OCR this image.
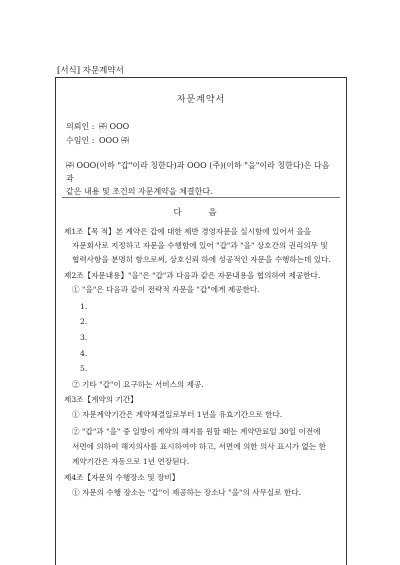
[서식] 자문계약서
자문계약서
의뢰인 : ㈜ OOO
수임인 : OOO ㈜
㈜ OOO(이하 "갑"이라 칭한다)과 OOO (주)(이하 "을"이라 칭한다)은 다음과
같은 내용 및 조건의 자문계약을 체결한다.
다 음
제1조【목 적】본 계약은 갑에 대한 제반 경영자문을 실시함에 있어서 을을
자문회사로 지정하고 자문을 수행함에 있어 "갑"과 "을" 상호간의 권리의무 및
협력사항을 분명히 함으로써, 상호신뢰 하에 성공적인 자문을 수행하는데 있다.
제2조【자문내용】"을"은 "갑"과 다음과 같은 자문내용을 협의하여 제공한다.
① "을"은 다음과 같이 전략적 자문을 "갑"에게 제공한다.
1.
2.
3.
4.
5.
② 기타 "갑"이 요구하는 서비스의 제공.
제3조【계약의 기간】
① 자문계약기간은 계약체결일로부터 1년을 유효기간으로 한다.
② "갑"과 "을" 중 일방이 계약의 해지를 원할 때는 계약만료일 30일 이전에
서면에 의하여 해지의사를 표시하여야 하고, 서면에 의한 의사 표시가 없는 한
계약기간은 자동으로 1년 연장된다.
제4조【자문의 수행장소 및 장비】
① 자문의 수행 장소는 "갑"이 제공하는 장소나 "을"의 사무실로 한다.
